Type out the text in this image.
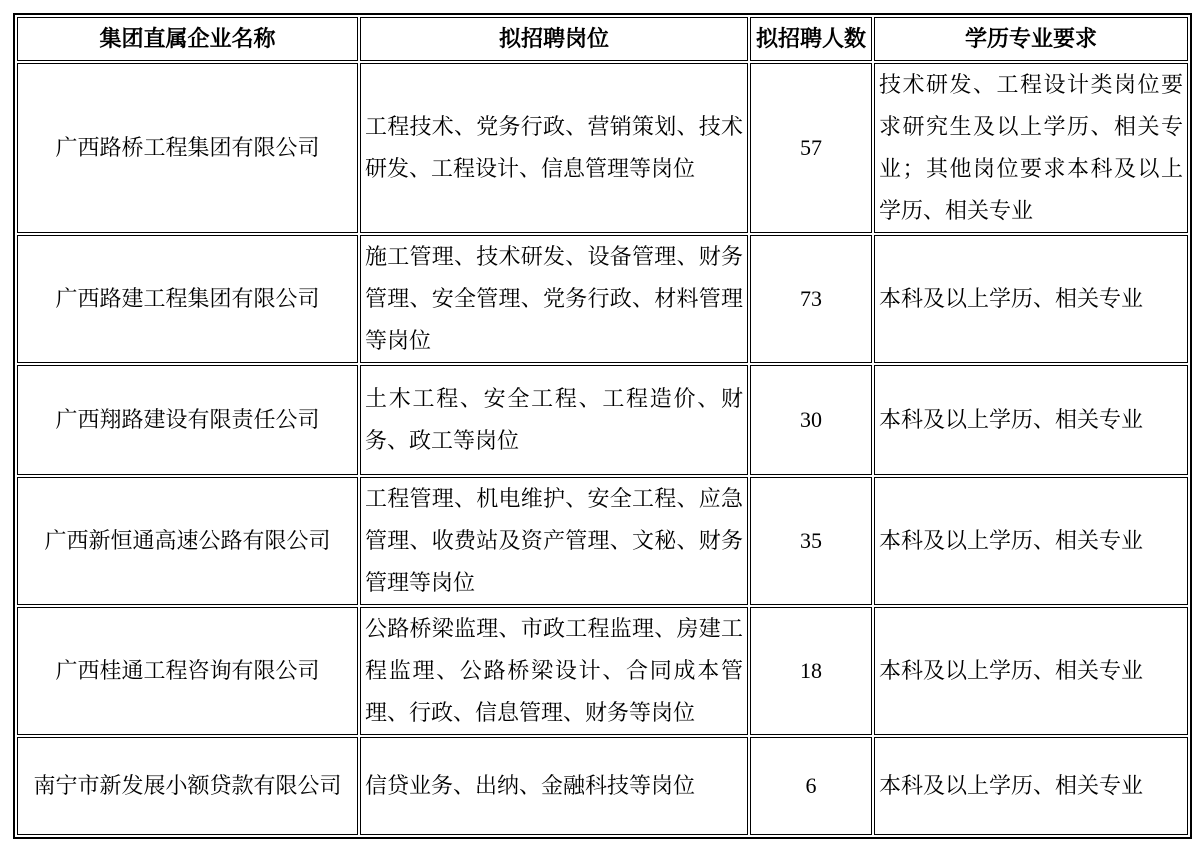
集团直属企业名称	拟招聘岗位	拟招聘人数	学历专业要求
广西路桥工程集团有限公司	工程技术、党务行政、营销策划、技术研发、工程设计、信息管理等岗位	57	技术研发、工程设计类岗位要求研究生及以上学历、相关专业；其他岗位要求本科及以上学历、相关专业
广西路建工程集团有限公司	施工管理、技术研发、设备管理、财务管理、安全管理、党务行政、材料管理等岗位	73	本科及以上学历、相关专业
广西翔路建设有限责任公司	土木工程、安全工程、工程造价、财务、政工等岗位	30	本科及以上学历、相关专业
广西新恒通高速公路有限公司	工程管理、机电维护、安全工程、应急管理、收费站及资产管理、文秘、财务管理等岗位	35	本科及以上学历、相关专业
广西桂通工程咨询有限公司	公路桥梁监理、市政工程监理、房建工程监理、公路桥梁设计、合同成本管理、行政、信息管理、财务等岗位	18	本科及以上学历、相关专业
南宁市新发展小额贷款有限公司	信贷业务、出纳、金融科技等岗位	6	本科及以上学历、相关专业
